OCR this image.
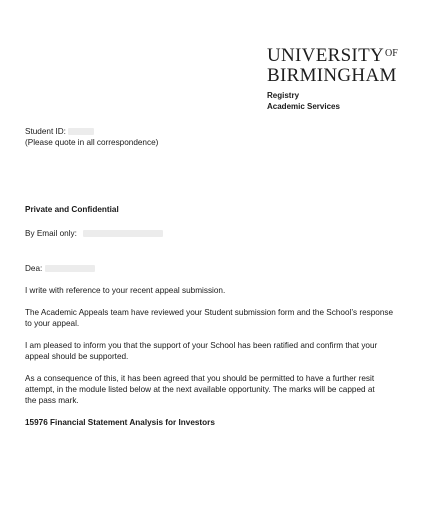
$UNIVERSITY^{OF}$
BIRMINGHAM
Registry
Academic Services
Student ID:
(Please quote in all correspondence)
Private and Confidential
By Email only:
Dea:
I write with reference to your recent appeal submission.
The Academic Appeals team have reviewed your Student submission form and the School’s response
to your appeal.
I am pleased to inform you that the support of your School has been ratified and confirm that your
appeal should be supported.
As a consequence of this, it has been agreed that you should be permitted to have a further resit
attempt, in the module listed below at the next available opportunity. The marks will be capped at
the pass mark.
15976 Financial Statement Analysis for Investors
